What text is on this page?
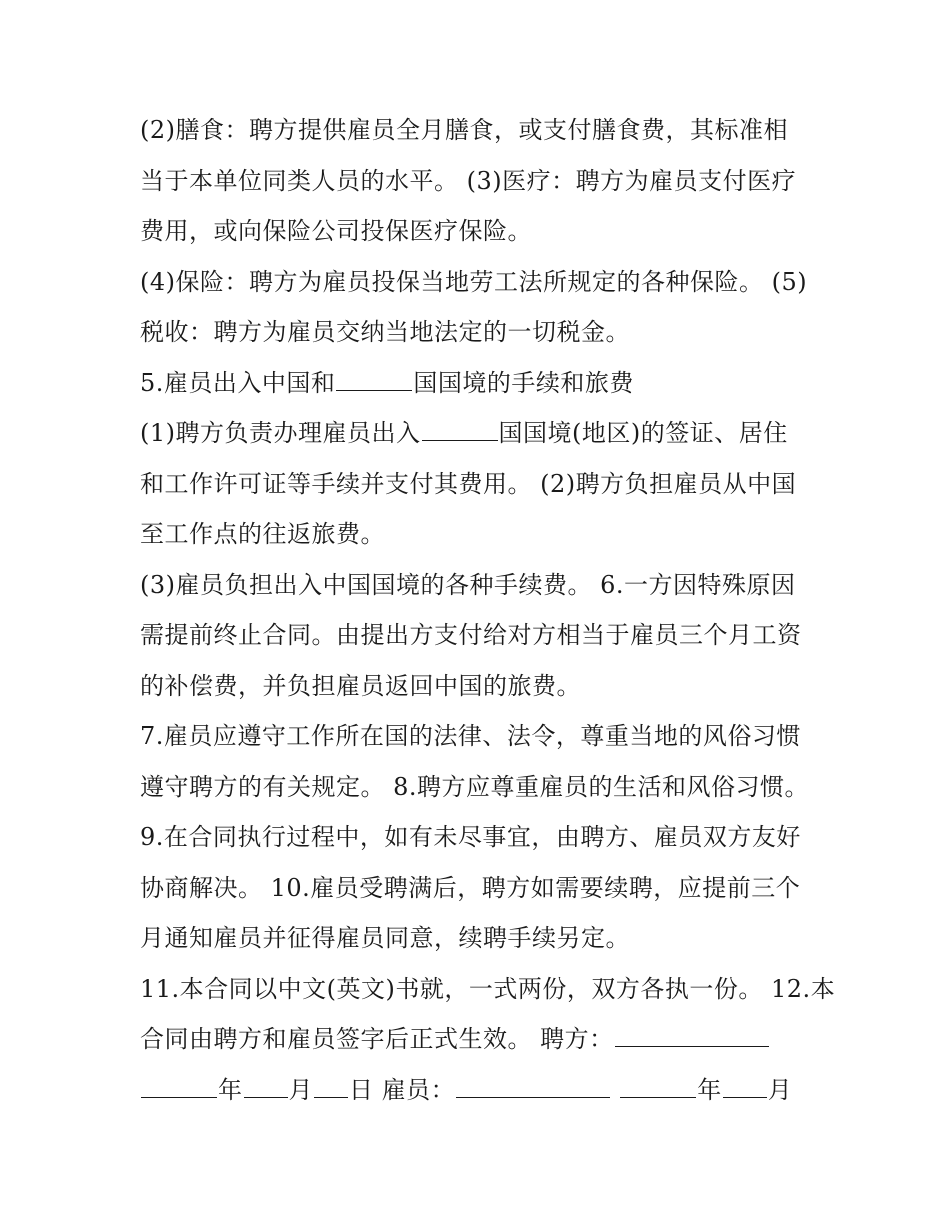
(2)膳食：聘方提供雇员全月膳食，或支付膳食费，其标准相
当于本单位同类人员的水平。 (3)医疗：聘方为雇员支付医疗
费用，或向保险公司投保医疗保险。
(4)保险：聘方为雇员投保当地劳工法所规定的各种保险。 (5)
税收：聘方为雇员交纳当地法定的一切税金。
5.雇员出入中国和	国国境的手续和旅费
(1)聘方负责办理雇员出入	国国境(地区)的签证、居住
和工作许可证等手续并支付其费用。 (2)聘方负担雇员从中国
至工作点的往返旅费。
(3)雇员负担出入中国国境的各种手续费。 6.一方因特殊原因
需提前终止合同。由提出方支付给对方相当于雇员三个月工资
的补偿费，并负担雇员返回中国的旅费。
7.雇员应遵守工作所在国的法律、法令，尊重当地的风俗习惯
遵守聘方的有关规定。 8.聘方应尊重雇员的生活和风俗习惯。
9.在合同执行过程中，如有未尽事宜，由聘方、雇员双方友好
协商解决。 10.雇员受聘满后，聘方如需要续聘，应提前三个
月通知雇员并征得雇员同意，续聘手续另定。
11.本合同以中文(英文)书就，一式两份，双方各执一份。 12.本
合同由聘方和雇员签字后正式生效。 聘方：
年 月 日 雇员：	年 月
